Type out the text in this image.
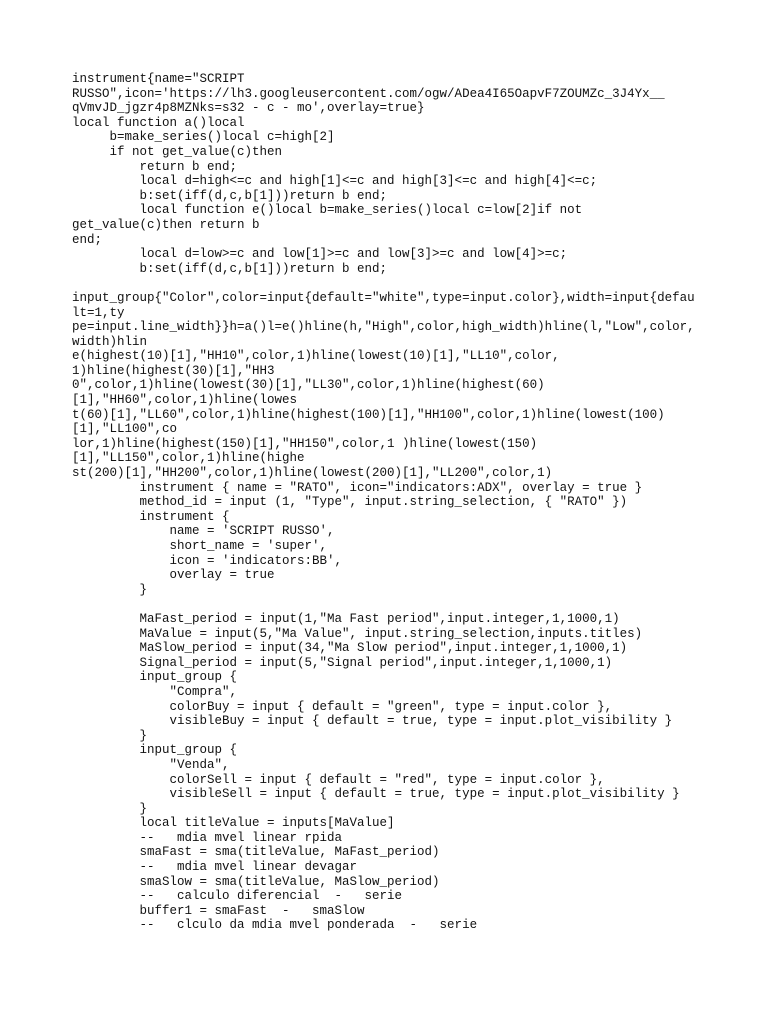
instrument{name="SCRIPT
RUSSO",icon='https://lh3.googleusercontent.com/ogw/ADea4I65OapvF7ZOUMZc_3J4Yx__
qVmvJD_jgzr4p8MZNks=s32 - c - mo',overlay=true}
local function a()local
b=make_series()local c=high[2]
if not get_value(c)then
return b end;
local d=high<=c and high[1]<=c and high[3]<=c and high[4]<=c;
b:set(iff(d,c,b[1]))return b end;
local function e()local b=make_series()local c=low[2]if not
get_value(c)then return b
end;
local d=low>=c and low[1]>=c and low[3]>=c and low[4]>=c;
b:set(iff(d,c,b[1]))return b end;
input_group{"Color",color=input{default="white",type=input.color},width=input{defau
lt=1,ty
pe=input.line_width}}h=a()l=e()hline(h,"High",color,high_width)hline(l,"Low",color,
width)hlin
e(highest(10)[1],"HH10",color,1)hline(lowest(10)[1],"LL10",color,
1)hline(highest(30)[1],"HH3
0",color,1)hline(lowest(30)[1],"LL30",color,1)hline(highest(60)
[1],"HH60",color,1)hline(lowes
t(60)[1],"LL60",color,1)hline(highest(100)[1],"HH100",color,1)hline(lowest(100)
[1],"LL100",co
lor,1)hline(highest(150)[1],"HH150",color,1 )hline(lowest(150)
[1],"LL150",color,1)hline(highe
st(200)[1],"HH200",color,1)hline(lowest(200)[1],"LL200",color,1)
instrument { name = "RATO", icon="indicators:ADX", overlay = true }
method_id = input (1, "Type", input.string_selection, { "RATO" })
instrument {
name = 'SCRIPT RUSSO',
short_name = 'super',
icon = 'indicators:BB',
overlay = true
}
MaFast_period = input(1,"Ma Fast period",input.integer,1,1000,1)
MaValue = input(5,"Ma Value", input.string_selection,inputs.titles)
MaSlow_period = input(34,"Ma Slow period",input.integer,1,1000,1)
Signal_period = input(5,"Signal period",input.integer,1,1000,1)
input_group {
"Compra",
colorBuy = input { default = "green", type = input.color },
visibleBuy = input { default = true, type = input.plot_visibility }
}
input_group {
"Venda",
colorSell = input { default = "red", type = input.color },
visibleSell = input { default = true, type = input.plot_visibility }
}
local titleValue = inputs[MaValue]
--   mdia mvel linear rpida
smaFast = sma(titleValue, MaFast_period)
--   mdia mvel linear devagar
smaSlow = sma(titleValue, MaSlow_period)
--   calculo diferencial  -   serie
buffer1 = smaFast  -   smaSlow
--   clculo da mdia mvel ponderada  -   serie
